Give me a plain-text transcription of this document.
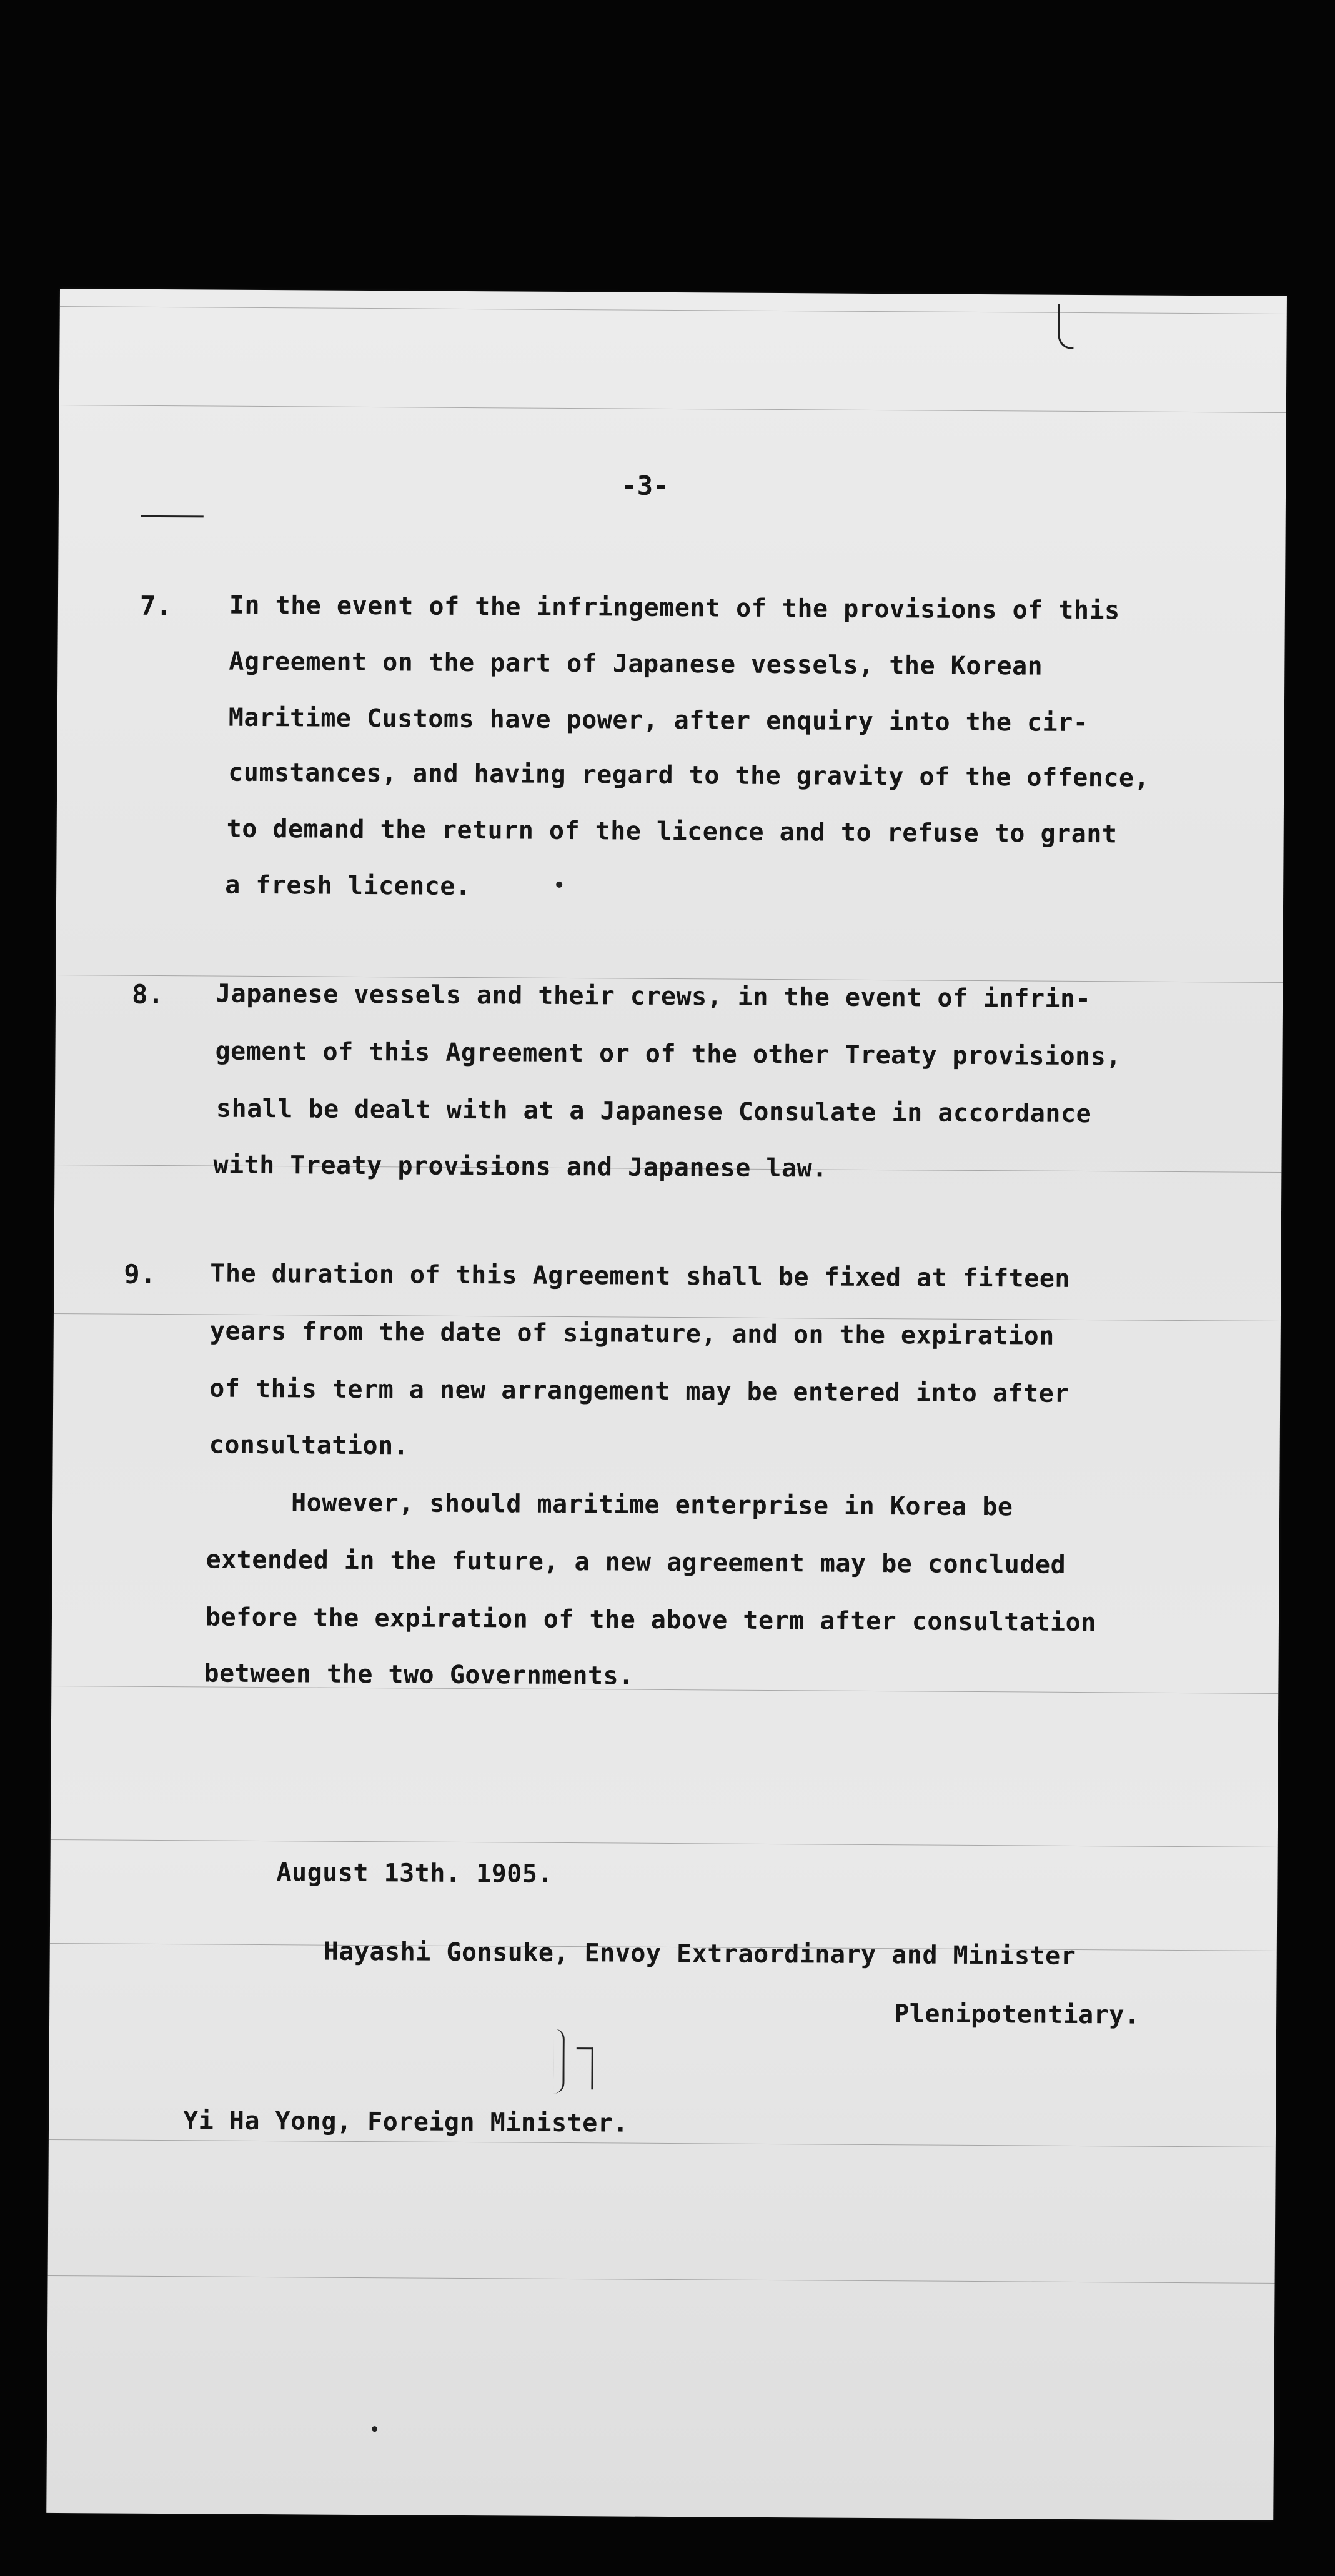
-3-
7.

In the event of the infringement of the provisions of this

Agreement on the part of Japanese vessels, the Korean

Maritime Customs have power, after enquiry into the cir-

cumstances, and having regard to the gravity of the offence,

to demand the return of the licence and to refuse to grant

a fresh licence.

8.

Japanese vessels and their crews, in the event of infrin-

gement of this Agreement or of the other Treaty provisions,

shall be dealt with at a Japanese Consulate in accordance

with Treaty provisions and Japanese law.

9.

The duration of this Agreement shall be fixed at fifteen

years from the date of signature, and on the expiration

of this term a new arrangement may be entered into after

consultation.

However, should maritime enterprise in Korea be

extended in the future, a new agreement may be concluded

before the expiration of the above term after consultation

between the two Governments.

August 13th. 1905.
Hayashi Gonsuke, Envoy Extraordinary and Minister
Plenipotentiary.
Yi Ha Yong, Foreign Minister.
